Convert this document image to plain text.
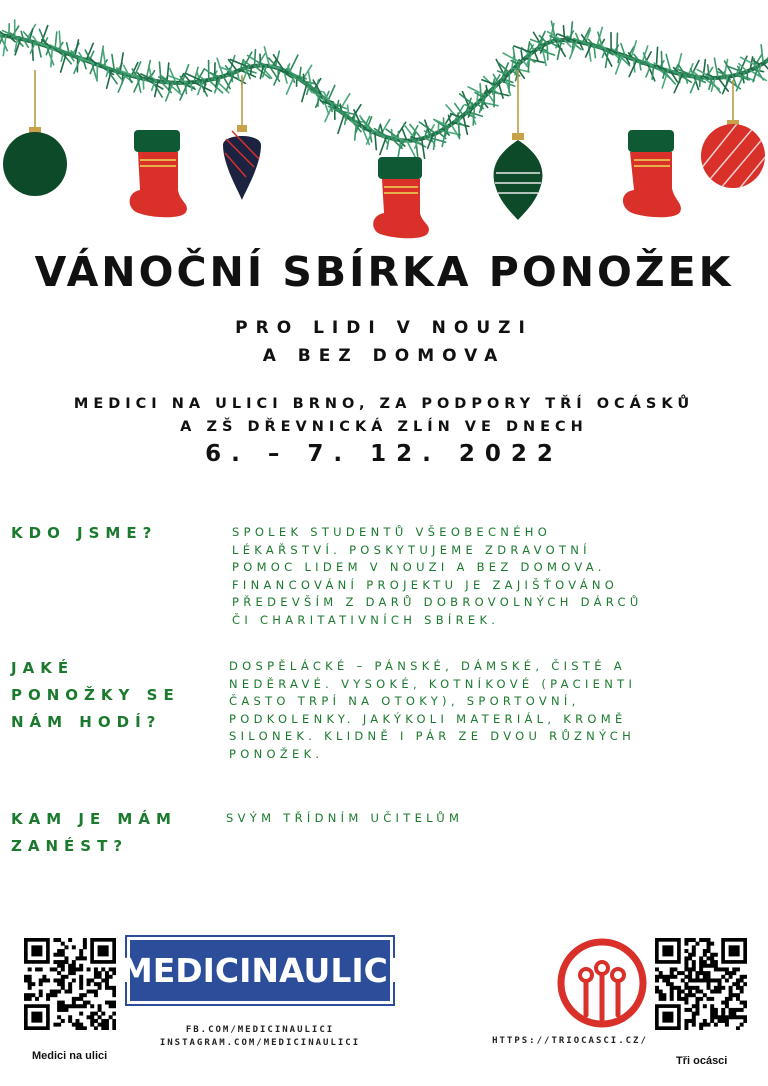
VÁNOČNÍ SBÍRKA PONOŽEK
PRO LIDI V NOUZI
A BEZ DOMOVA
MEDICI NA ULICI BRNO, ZA PODPORY TŘÍ OCÁSKŮ
A ZŠ DŘEVNICKÁ ZLÍN VE DNECH
6. – 7. 12. 2022
KDO JSME?	SPOLEK STUDENTŮ VŠEOBECNÉHO
LÉKAŘSTVÍ. POSKYTUJEME ZDRAVOTNÍ
POMOC LIDEM V NOUZI A BEZ DOMOVA.
FINANCOVÁNÍ PROJEKTU JE ZAJIŠŤOVÁNO
PŘEDEVŠÍM Z DARŮ DOBROVOLNÝCH DÁRCŮ
ČI CHARITATIVNÍCH SBÍREK.
JAKÉ
PONOŽKY SE
NÁM HODÍ?
DOSPĚLÁCKÉ – PÁNSKÉ, DÁMSKÉ, ČISTÉ A
NEDĚRAVÉ. VYSOKÉ, KOTNÍKOVÉ (PACIENTI
ČASTO TRPÍ NA OTOKY), SPORTOVNÍ,
PODKOLENKY. JAKÝKOLI MATERIÁL, KROMĚ
SILONEK. KLIDNĚ I PÁR ZE DVOU RŮZNÝCH
PONOŽEK.
KAM JE MÁM
ZANÉST?
SVÝM TŘÍDNÍM UČITELŮM
Medici na ulici
MEDICINAULICI
FB.COM/MEDICINAULICI
INSTAGRAM.COM/MEDICINAULICI	HTTPS://TRIOCASCI.CZ/
Tři ocásci
